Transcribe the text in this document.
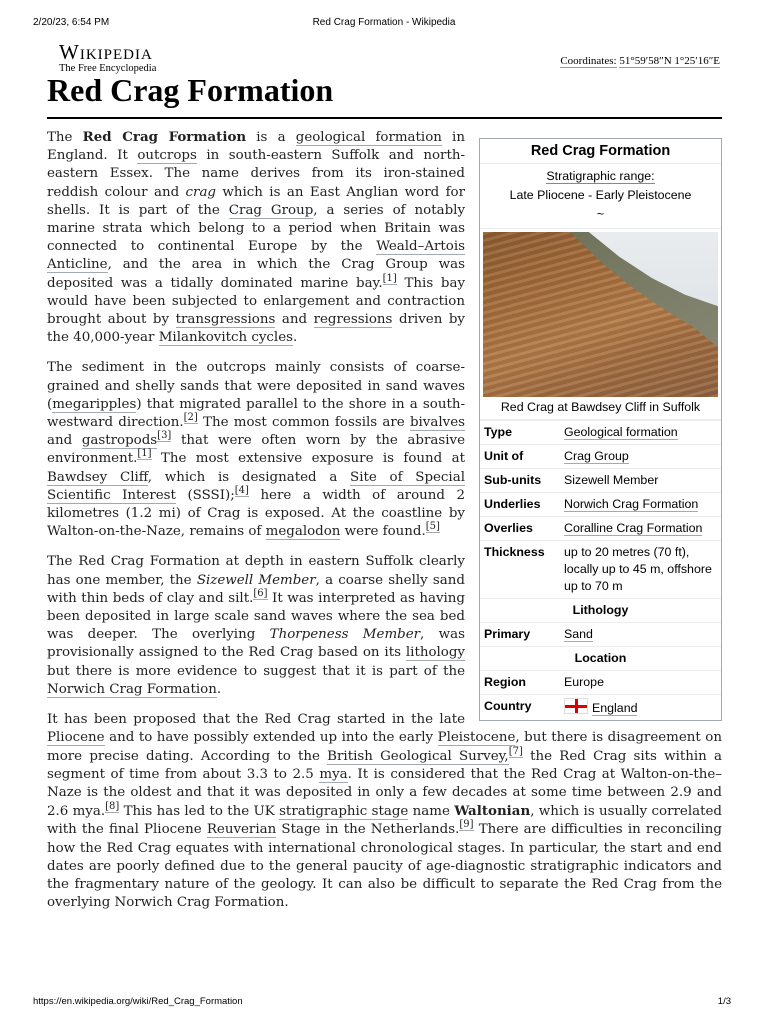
2/20/23, 6:54 PM	Red Crag Formation - Wikipedia
Wikipedia
The Free Encyclopedia
Coordinates: 51°59′58″N 1°25′16″E
Red Crag Formation
Red Crag Formation
Stratigraphic range:
Late Pliocene - Early Pleistocene
~
Red Crag at Bawdsey Cliff in Suffolk
Type	Geological formation
Unit of	Crag Group
Sub-units	Sizewell Member
Underlies	Norwich Crag Formation
Overlies	Coralline Crag Formation
Thickness	up to 20 metres (70 ft), locally up to 45 m, offshore up to 70 m
Lithology	
Primary	Sand
Location	
Region	Europe
Country	England

The Red Crag Formation is a geological formation in England. It outcrops in south-eastern Suffolk and north-eastern Essex. The name derives from its iron-stained reddish colour and crag which is an East Anglian word for shells. It is part of the Crag Group, a series of notably marine strata which belong to a period when Britain was connected to continental Europe by the Weald–Artois Anticline, and the area in which the Crag Group was deposited was a tidally dominated marine bay.[1] This bay would have been subjected to enlargement and contraction brought about by transgressions and regressions driven by the 40,000-year Milankovitch cycles.

The sediment in the outcrops mainly consists of coarse-grained and shelly sands that were deposited in sand waves (megaripples) that migrated parallel to the shore in a south-westward direction.[2] The most common fossils are bivalves and gastropods[3] that were often worn by the abrasive environment.[1] The most extensive exposure is found at Bawdsey Cliff, which is designated a Site of Special Scientific Interest (SSSI);[4] here a width of around 2 kilometres (1.2 mi) of Crag is exposed. At the coastline by Walton-on-the-Naze, remains of megalodon were found.[5]

The Red Crag Formation at depth in eastern Suffolk clearly has one member, the Sizewell Member, a coarse shelly sand with thin beds of clay and silt.[6] It was interpreted as having been deposited in large scale sand waves where the sea bed was deeper. The overlying Thorpeness Member, was provisionally assigned to the Red Crag based on its lithology but there is more evidence to suggest that it is part of the Norwich Crag Formation.

It has been proposed that the Red Crag started in the late Pliocene and to have possibly extended up into the early Pleistocene, but there is disagreement on more precise dating. According to the British Geological Survey,[7] the Red Crag sits within a segment of time from about 3.3 to 2.5 mya. It is considered that the Red Crag at Walton-on-the–Naze is the oldest and that it was deposited in only a few decades at some time between 2.9 and 2.6 mya.[8] This has led to the UK stratigraphic stage name Waltonian, which is usually correlated with the final Pliocene Reuverian Stage in the Netherlands.[9] There are difficulties in reconciling how the Red Crag equates with international chronological stages. In particular, the start and end dates are poorly defined due to the general paucity of age-diagnostic stratigraphic indicators and the fragmentary nature of the geology. It can also be difficult to separate the Red Crag from the overlying Norwich Crag Formation.

https://en.wikipedia.org/wiki/Red_Crag_Formation	1/3
